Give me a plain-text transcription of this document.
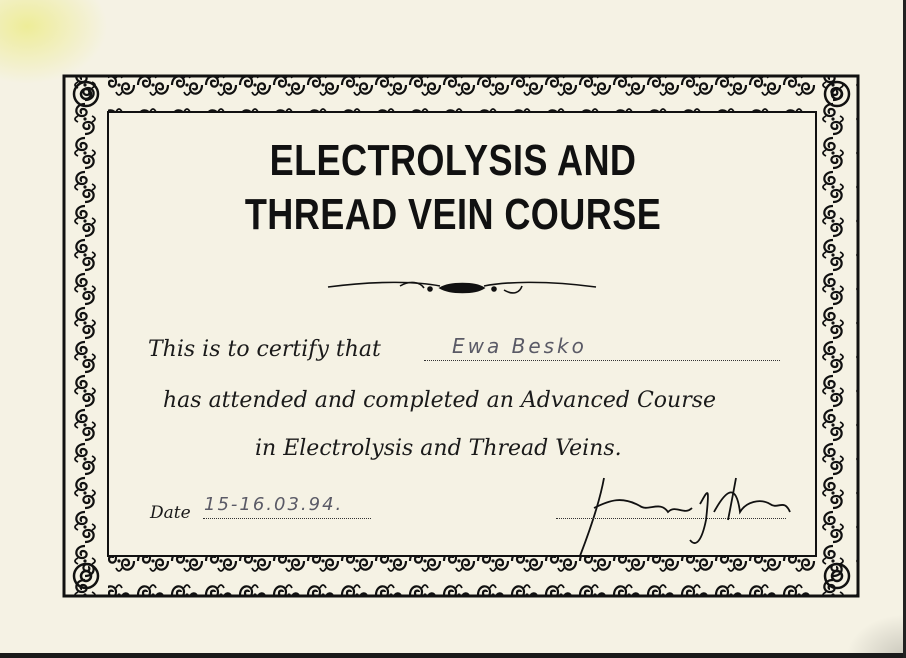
ELECTROLYSIS AND
THREAD VEIN COURSE
This is to certify that	Ewa Besko
has attended and completed an Advanced Course
in Electrolysis and Thread Veins.
Date 15-16.03.94.
